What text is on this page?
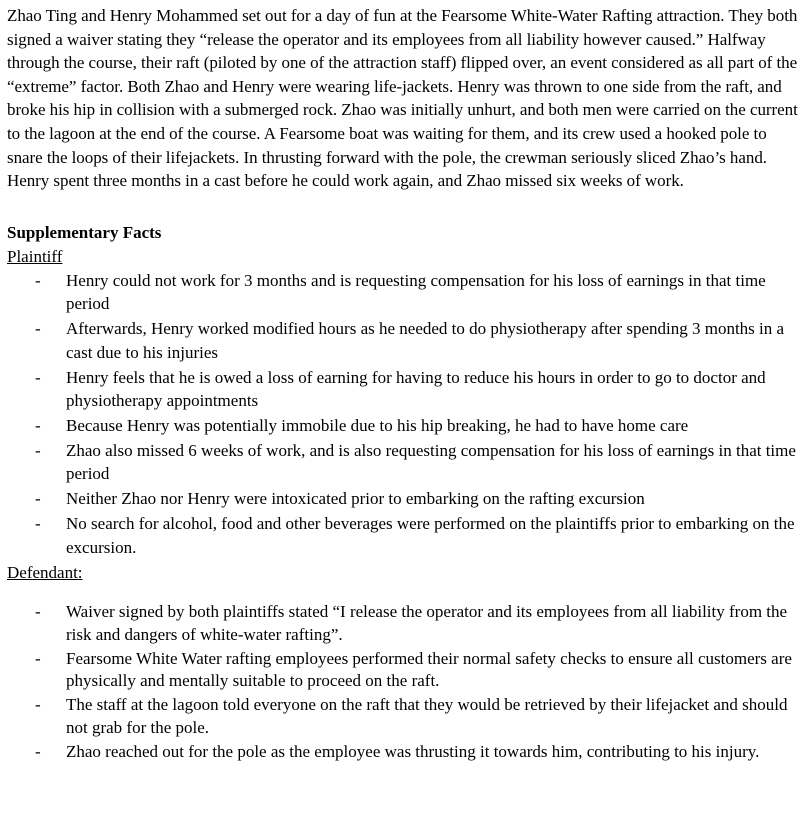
Zhao Ting and Henry Mohammed set out for a day of fun at the Fearsome White-Water Rafting attraction. They both signed a waiver stating they “release the operator and its employees from all liability however caused.” Halfway through the course, their raft (piloted by one of the attraction staff) flipped over, an event considered as all part of the “extreme” factor. Both Zhao and Henry were wearing life-jackets. Henry was thrown to one side from the raft, and broke his hip in collision with a submerged rock. Zhao was initially unhurt, and both men were carried on the current to the lagoon at the end of the course. A Fearsome boat was waiting for them, and its crew used a hooked pole to snare the loops of their lifejackets. In thrusting forward with the pole, the crewman seriously sliced Zhao’s hand. Henry spent three months in a cast before he could work again, and Zhao missed six weeks of work.

Supplementary Facts

Plaintiff

- Henry could not work for 3 months and is requesting compensation for his loss of earnings in that time period
- Afterwards, Henry worked modified hours as he needed to do physiotherapy after spending 3 months in a cast due to his injuries
- Henry feels that he is owed a loss of earning for having to reduce his hours in order to go to doctor and physiotherapy appointments
- Because Henry was potentially immobile due to his hip breaking, he had to have home care
- Zhao also missed 6 weeks of work, and is also requesting compensation for his loss of earnings in that time period
- Neither Zhao nor Henry were intoxicated prior to embarking on the rafting excursion
- No search for alcohol, food and other beverages were performed on the plaintiffs prior to embarking on the excursion.

Defendant:

- Waiver signed by both plaintiffs stated “I release the operator and its employees from all liability from the risk and dangers of white-water rafting”.
- Fearsome White Water rafting employees performed their normal safety checks to ensure all customers are physically and mentally suitable to proceed on the raft.
- The staff at the lagoon told everyone on the raft that they would be retrieved by their lifejacket and should not grab for the pole.
- Zhao reached out for the pole as the employee was thrusting it towards him, contributing to his injury.
